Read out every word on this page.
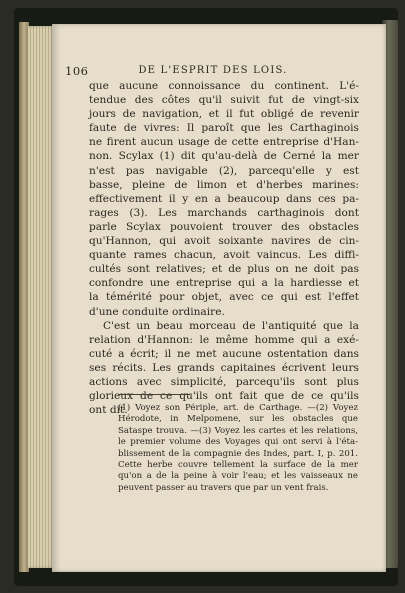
106	DE L'ESPRIT DES LOIS.
que aucune connoissance du continent. L'é-
tendue des côtes qu'il suivit fut de vingt-six
jours de navigation, et il fut obligé de revenir
faute de vivres: Il paroît que les Carthaginois
ne firent aucun usage de cette entreprise d'Han-
non. Scylax (1) dit qu'au-delà de Cerné la mer
n'est pas navigable (2), parcequ'elle y est
basse, pleine de limon et d'herbes marines:
effectivement il y en a beaucoup dans ces pa-
rages (3). Les marchands carthaginois dont
parle Scylax pouvoient trouver des obstacles
qu'Hannon, qui avoit soixante navires de cin-
quante rames chacun, avoit vaincus. Les diffi-
cultés sont relatives; et de plus on ne doit pas
confondre une entreprise qui a la hardiesse et
la témérité pour objet, avec ce qui est l'effet
d'une conduite ordinaire.
C'est un beau morceau de l'antiquité que la
relation d'Hannon: le même homme qui a exé-
cuté a écrit; il ne met aucune ostentation dans
ses récits. Les grands capitaines écrivent leurs
actions avec simplicité, parcequ'ils sont plus
glorieux de ce qu'ils ont fait que de ce qu'ils
ont dit.
(1) Voyez son Périple, art. de Carthage. —(2) Voyez
Hérodote, in Melpomene, sur les obstacles que
Sataspe trouva. —(3) Voyez les cartes et les relations,
le premier volume des Voyages qui ont servi à l'éta-
blissement de la compagnie des Indes, part. I, p. 201.
Cette herbe couvre tellement la surface de la mer
qu'on a de la peine à voir l'eau; et les vaisseaux ne
peuvent passer au travers que par un vent frais.
